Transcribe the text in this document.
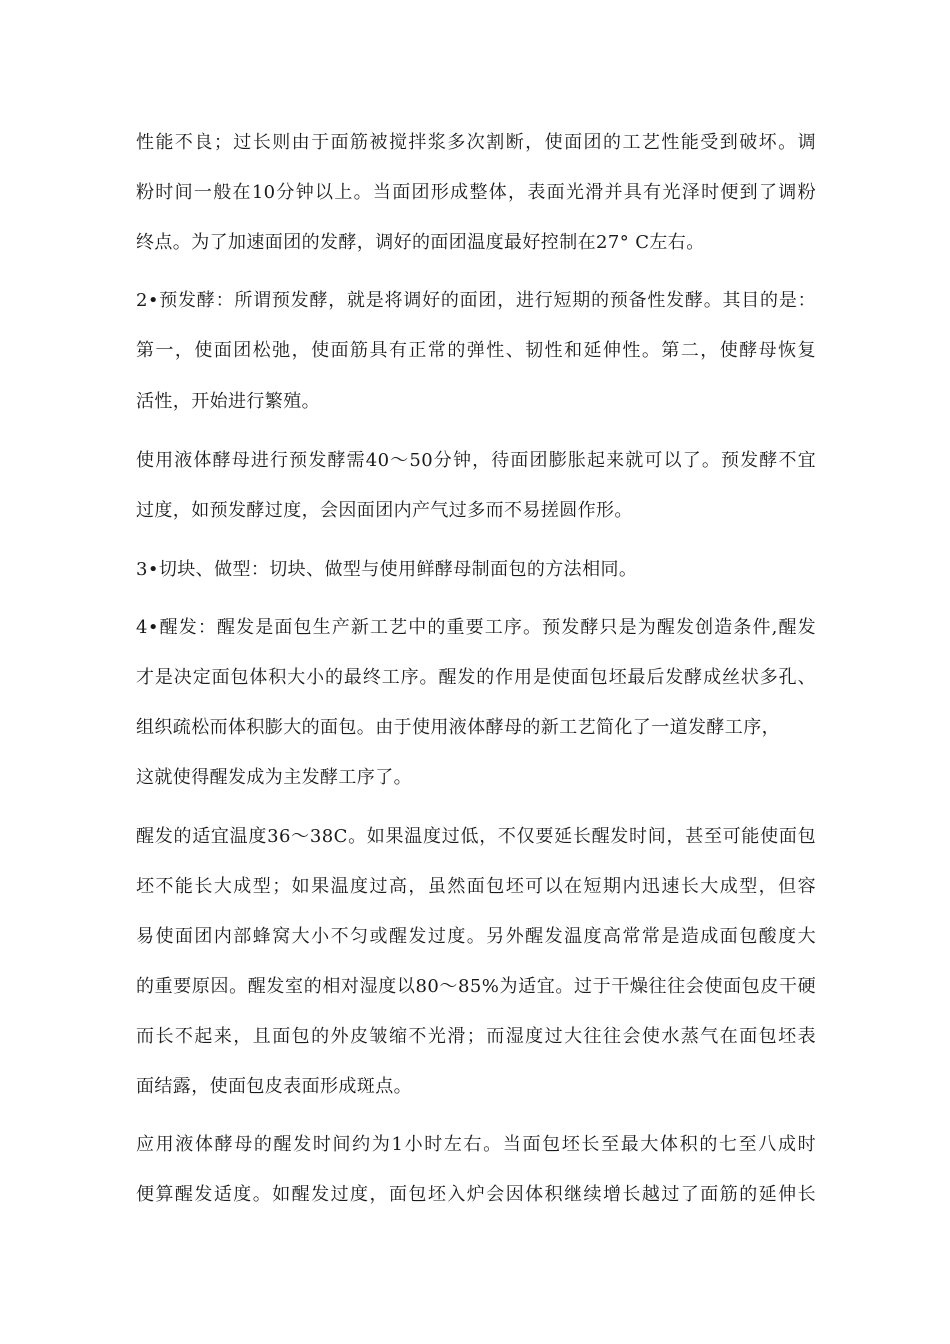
性能不良；过长则由于面筋被搅拌浆多次割断，使面团的工艺性能受到破坏。调
粉时间一般在10分钟以上。当面团形成整体，表面光滑并具有光泽时便到了调粉
终点。为了加速面团的发酵，调好的面团温度最好控制在27° C左右。
2•预发酵：所谓预发酵，就是将调好的面团，进行短期的预备性发酵。其目的是：
第一，使面团松弛，使面筋具有正常的弹性、韧性和延伸性。第二，使酵母恢复
活性，开始进行繁殖。
使用液体酵母进行预发酵需40〜50分钟，待面团膨胀起来就可以了。预发酵不宜
过度，如预发酵过度，会因面团内产气过多而不易搓圆作形。
3•切块、做型：切块、做型与使用鲜酵母制面包的方法相同。
4•醒发：醒发是面包生产新工艺中的重要工序。预发酵只是为醒发创造条件,醒发
才是决定面包体积大小的最终工序。醒发的作用是使面包坯最后发酵成丝状多孔、
组织疏松而体积膨大的面包。由于使用液体酵母的新工艺简化了一道发酵工序，
这就使得醒发成为主发酵工序了。
醒发的适宜温度36〜38C。如果温度过低，不仅要延长醒发时间，甚至可能使面包
坯不能长大成型；如果温度过高，虽然面包坯可以在短期内迅速长大成型，但容
易使面团内部蜂窝大小不匀或醒发过度。另外醒发温度高常常是造成面包酸度大
的重要原因。醒发室的相对湿度以80〜85%为适宜。过于干燥往往会使面包皮干硬
而长不起来，且面包的外皮皱缩不光滑；而湿度过大往往会使水蒸气在面包坯表
面结露，使面包皮表面形成斑点。
应用液体酵母的醒发时间约为1小时左右。当面包坯长至最大体积的七至八成时
便算醒发适度。如醒发过度，面包坯入炉会因体积继续增长越过了面筋的延伸长
